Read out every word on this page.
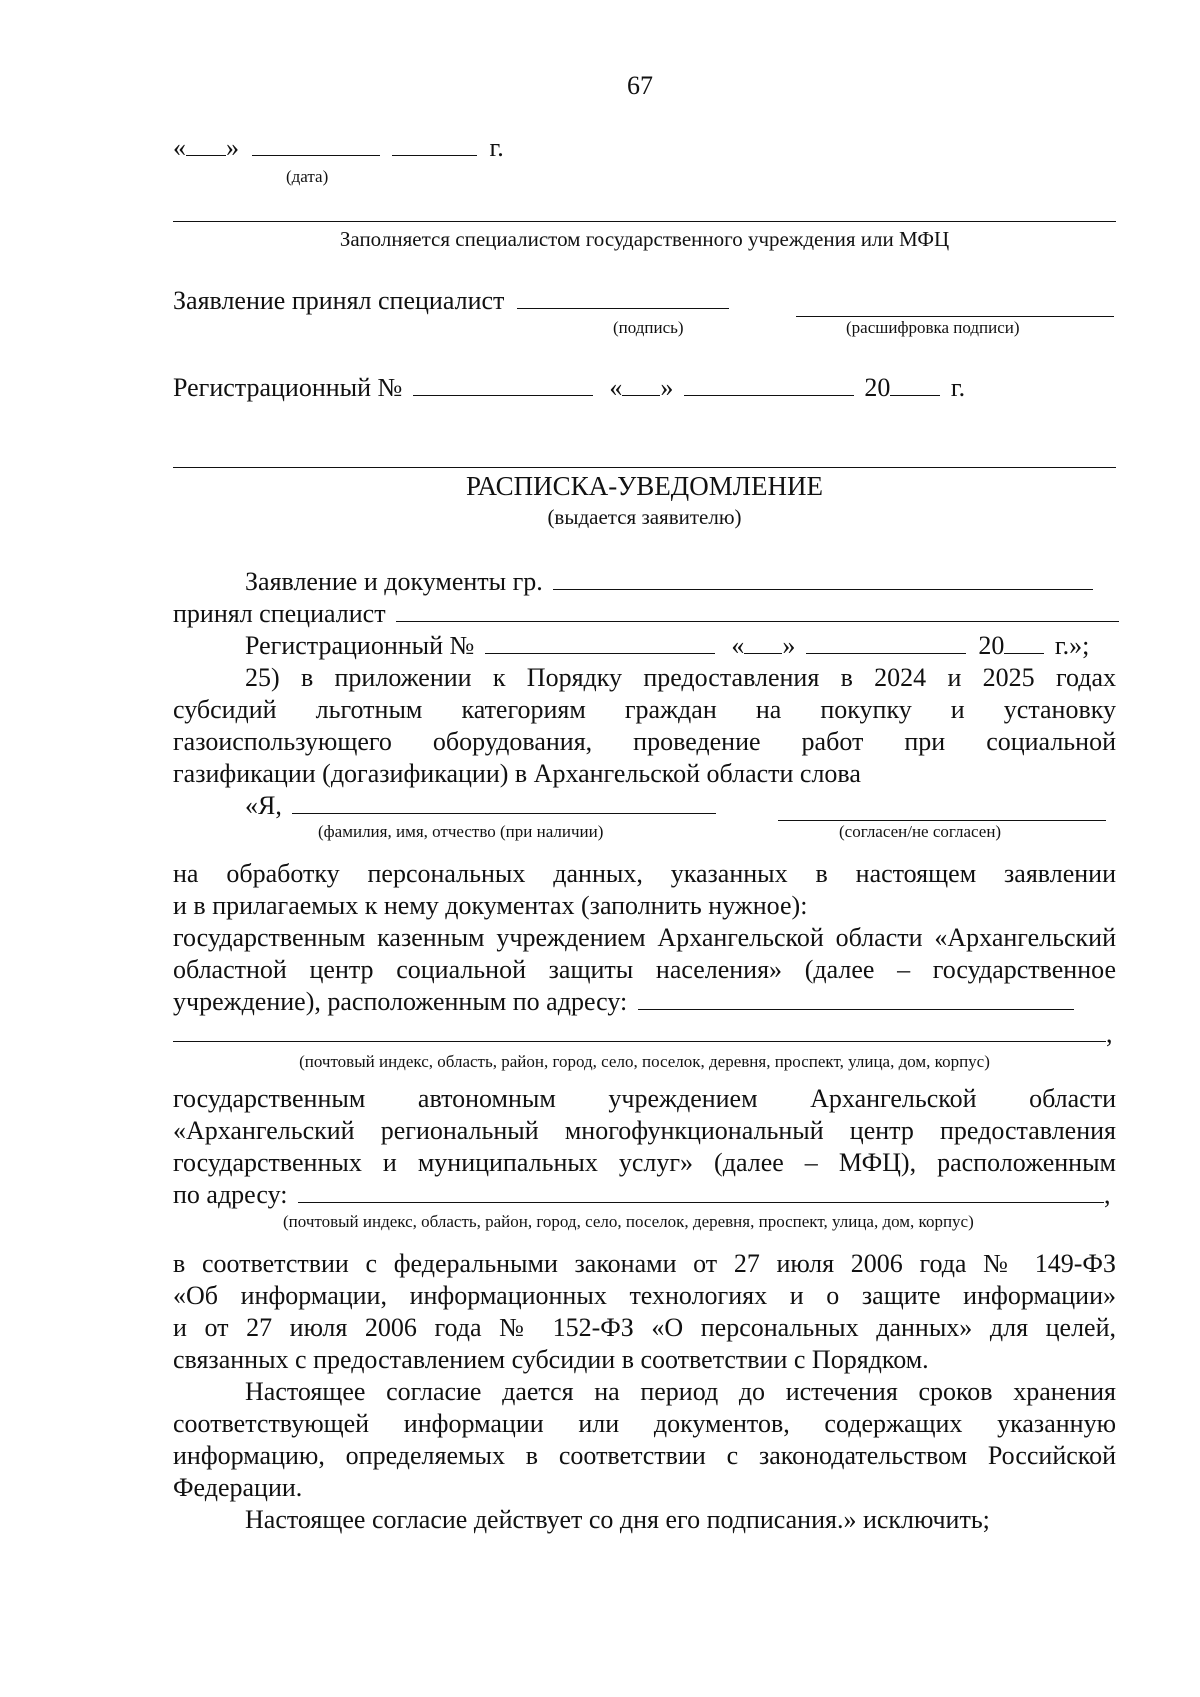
67
« »	г.
(дата)
Заполняется специалистом государственного учреждения или МФЦ
Заявление принял специалист
(подпись)	(расшифровка подписи)
Регистрационный №	« »	20 г.
РАСПИСКА-УВЕДОМЛЕНИЕ
(выдается заявителю)
Заявление и документы гр.
принял специалист
Регистрационный №	« »	20 г.»;
25) в приложении к Порядку предоставления в 2024 и 2025 годах
субсидий льготным категориям граждан на покупку и установку
газоиспользующего оборудования, проведение работ при социальной
газификации (догазификации) в Архангельской области слова
«Я,
(фамилия, имя, отчество (при наличии)	(согласен/не согласен)
на обработку персональных данных, указанных в настоящем заявлении
и в прилагаемых к нему документах (заполнить нужное):
государственным казенным учреждением Архангельской области «Архангельский
областной центр социальной защиты населения» (далее – государственное
учреждение), расположенным по адресу:
,
(почтовый индекс, область, район, город, село, поселок, деревня, проспект, улица, дом, корпус)
государственным автономным учреждением Архангельской области
«Архангельский региональный многофункциональный центр предоставления
государственных и муниципальных услуг» (далее – МФЦ), расположенным
по адресу:	,
(почтовый индекс, область, район, город, село, поселок, деревня, проспект, улица, дом, корпус)
в соответствии с федеральными законами от 27 июля 2006 года № 149-ФЗ
«Об информации, информационных технологиях и о защите информации»
и от 27 июля 2006 года № 152-ФЗ «О персональных данных» для целей,
связанных с предоставлением субсидии в соответствии с Порядком.
Настоящее согласие дается на период до истечения сроков хранения
соответствующей информации или документов, содержащих указанную
информацию, определяемых в соответствии с законодательством Российской
Федерации.
Настоящее согласие действует со дня его подписания.» исключить;
